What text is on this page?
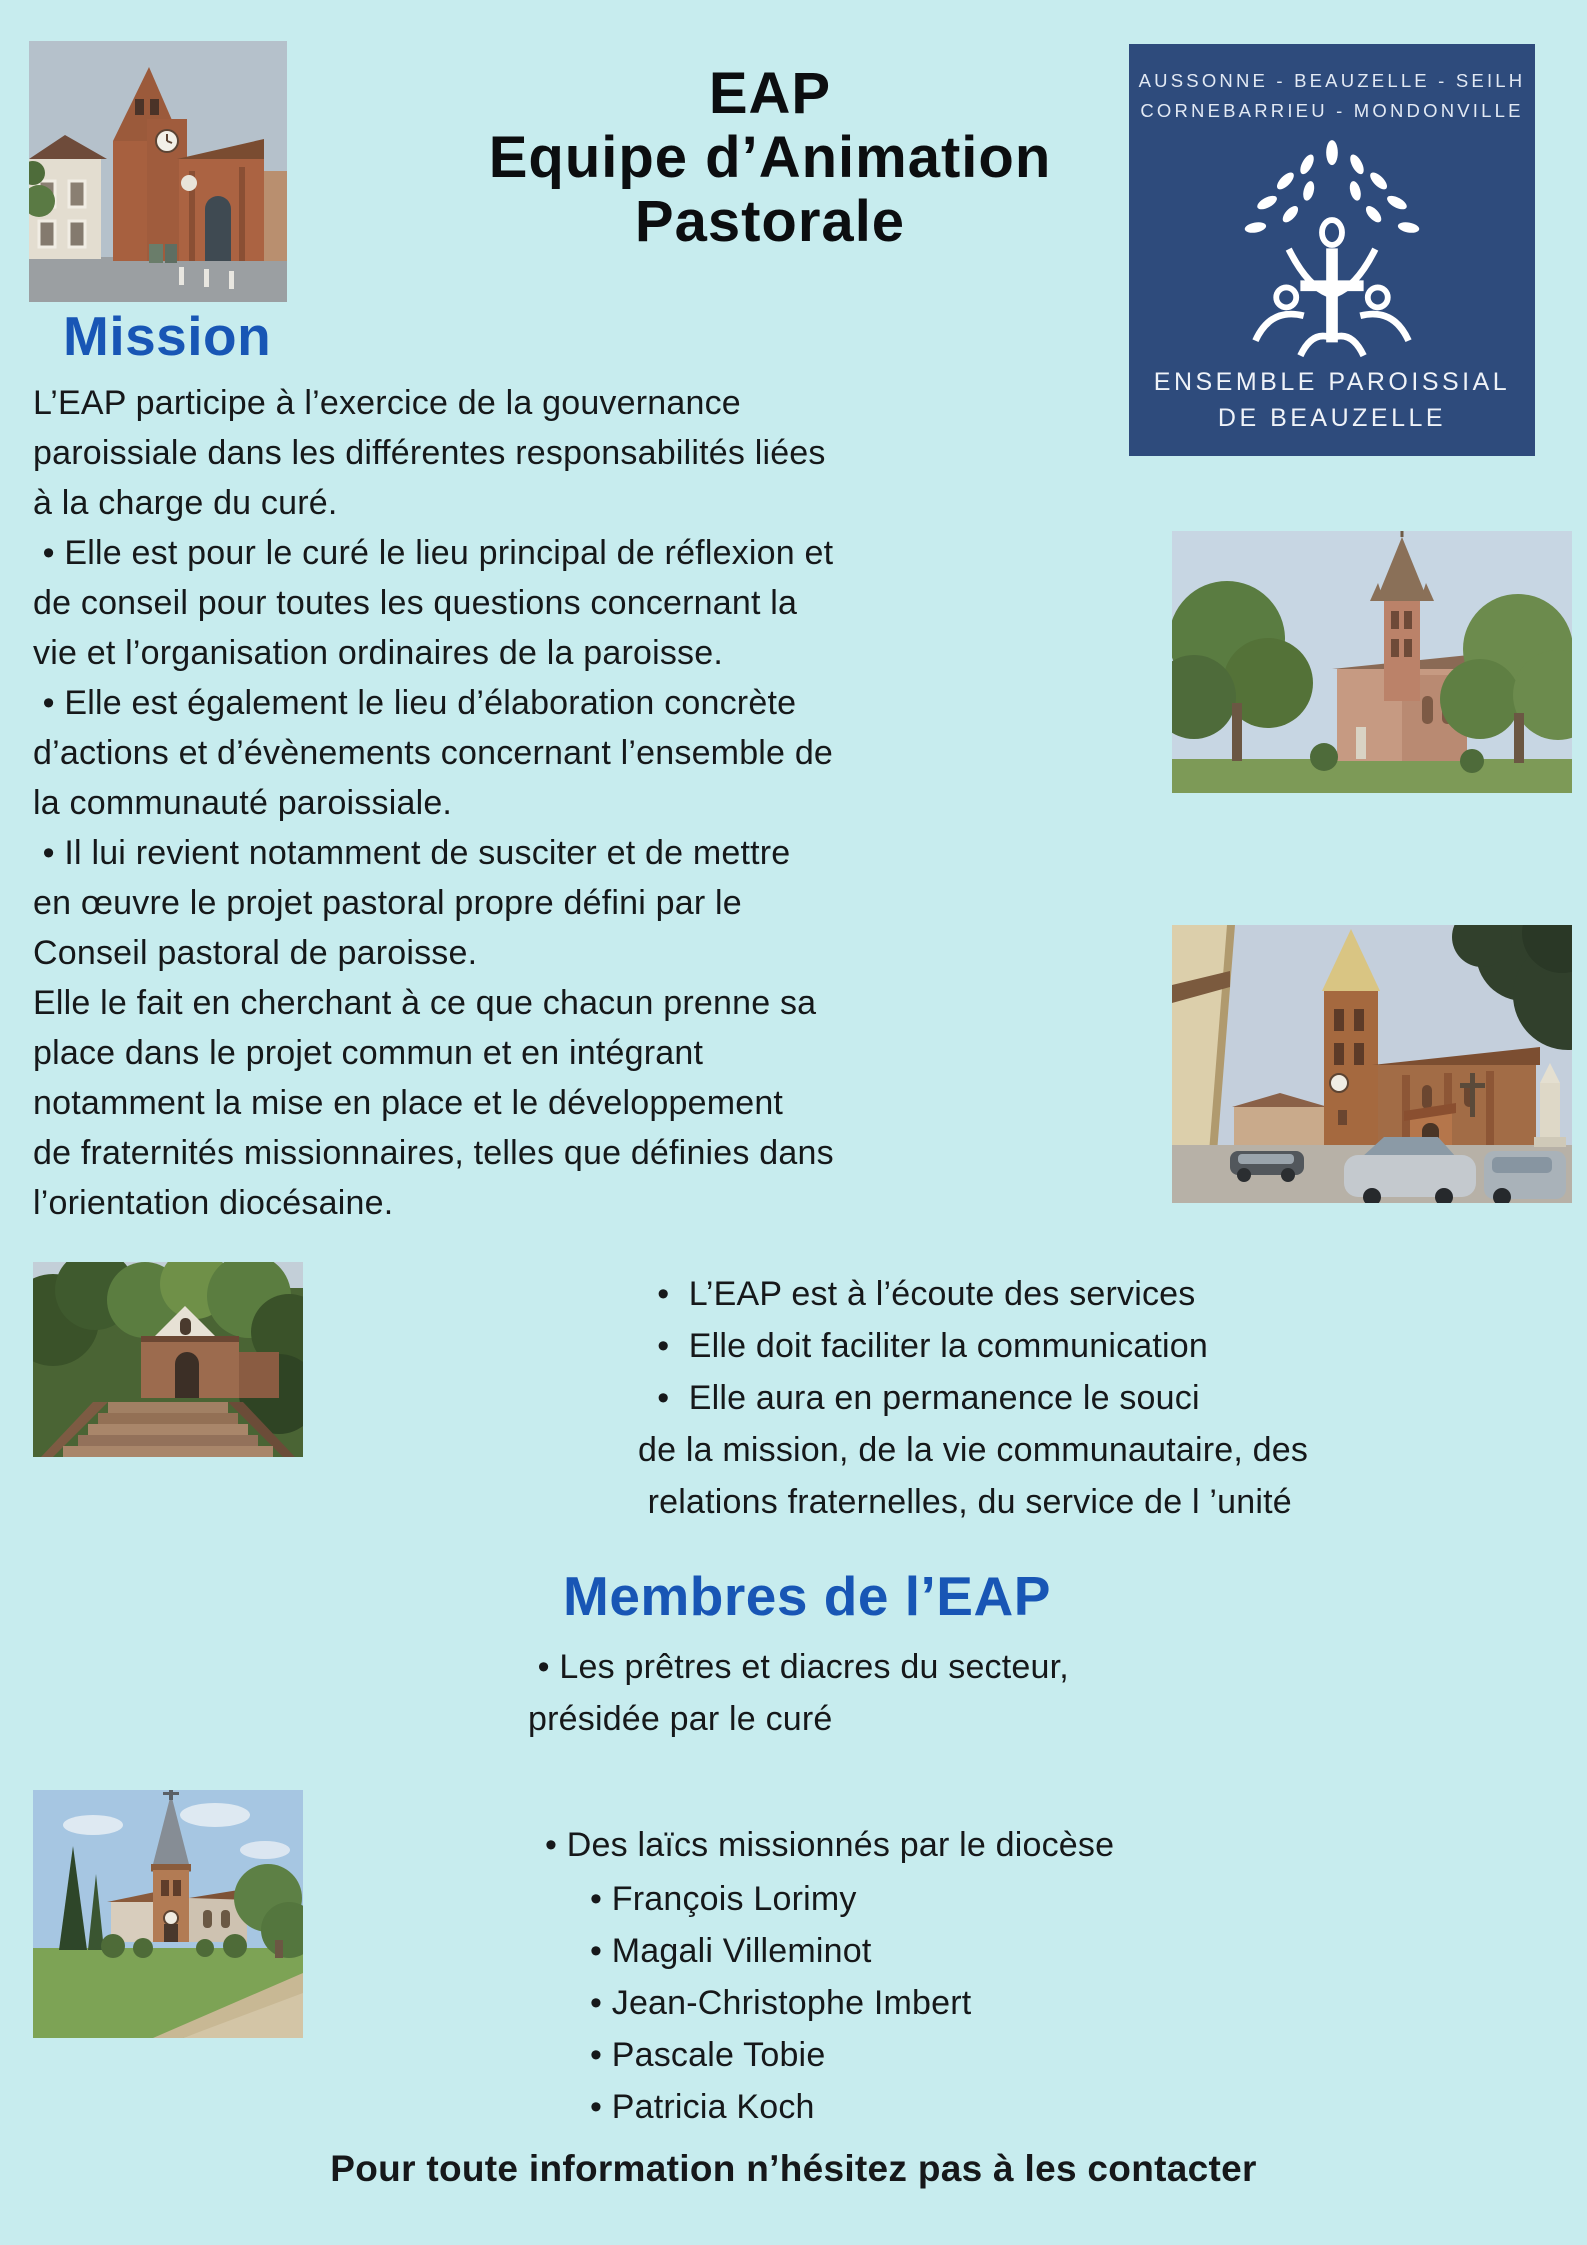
EAP
Equipe d’Animation
Pastorale
AUSSONNE - BEAUZELLE - SEILH
CORNEBARRIEU - MONDONVILLE
ENSEMBLE PAROISSIAL
DE BEAUZELLE
Mission
L’EAP participe à l’exercice de la gouvernance
paroissiale dans les différentes responsabilités liées
à la charge du curé.
• Elle est pour le curé le lieu principal de réflexion et
de conseil pour toutes les questions concernant la
vie et l’organisation ordinaires de la paroisse.
• Elle est également le lieu d’élaboration concrète
d’actions et d’évènements concernant l’ensemble de
la communauté paroissiale.
• Il lui revient notamment de susciter et de mettre
en œuvre le projet pastoral propre défini par le
Conseil pastoral de paroisse.
Elle le fait en cherchant à ce que chacun prenne sa
place dans le projet commun et en intégrant
notamment la mise en place et le développement
de fraternités missionnaires, telles que définies dans
l’orientation diocésaine.
•  L’EAP est à l’écoute des services
•  Elle doit faciliter la communication
•  Elle aura en permanence le souci
de la mission, de la vie communautaire, des
relations fraternelles, du service de l ’unité
Membres de l’EAP
• Les prêtres et diacres du secteur,
présidée par le curé
• Des laïcs missionnés par le diocèse
• François Lorimy
• Magali Villeminot
• Jean-Christophe Imbert
• Pascale Tobie
• Patricia Koch
Pour toute information n’hésitez pas à les contacter
